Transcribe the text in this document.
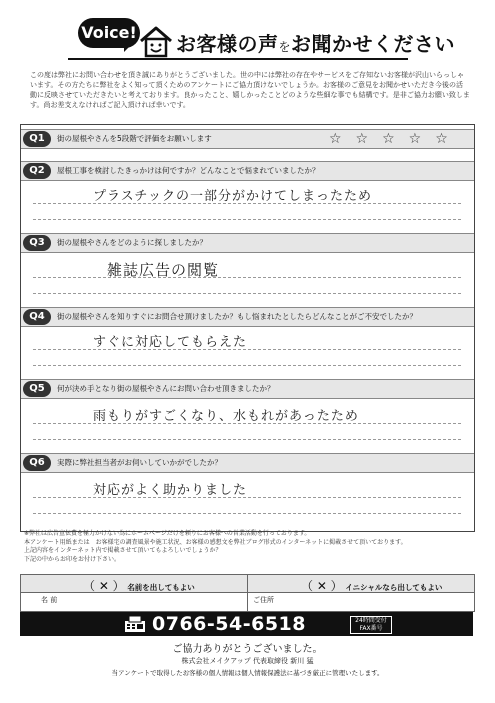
Voice! お客様の声をお聞かせください
この度は弊社にお問い合わせを頂き誠にありがとうございました。世の中には弊社の存在やサービスをご存知ないお客様が沢山いらっしゃいます。その方たちに弊社をよく知って頂くためのアンケートにご協力頂けないでしょうか。お客様のご意見をお聞かせいただき今後の活動に反映させていただきたいと考えております。良かったこと、嬉しかったことどのような些細な事でも結構です。是非ご協力お願い致します。尚お差支えなければご記入頂ければ幸いです。
Q1	街の屋根やさんを5段階で評価をお願いします	☆☆☆☆☆
Q2	屋根工事を検討したきっかけは何ですか？どんなことで悩まれていましたか？
プラスチックの一部分がかけてしまったため
Q3	街の屋根やさんをどのように探しましたか？
雑誌広告の閲覧
Q4	街の屋根やさんを知りすぐにお問合せ頂けましたか？もし悩まれたとしたらどんなことがご不安でしたか？
すぐに対応してもらえた
Q5	何が決め手となり街の屋根やさんにお問い合わせ頂きましたか？
雨もりがすごくなり、水もれがあったため
Q6	実際に弊社担当者がお伺いしていかがでしたか？
対応がよく助かりました
※弊社は広告宣伝費を極力かけない為にホームページだけを頼りにお客様への営業活動を行っております。
本アンケート用紙または　お客様宅の調査風景や施工状況、お客様の感想文を弊社ブログ形式のインターネットに掲載させて頂いております。
上記内容をインターネット内で掲載させて頂いてもよろしいでしょうか？
下記の中からお印をお付け下さい。
（ ✕ ） 名前を出してもよい	（ ✕ ） イニシャルなら出してもよい
名 前	ご住所
0766-54-6518	24時間受付 FAX番号
ご協力ありがとうございました。
株式会社メイクアップ 代表取締役 新川 猛
当アンケートで取得したお客様の個人情報は個人情報保護法に基づき厳正に管理いたします。
